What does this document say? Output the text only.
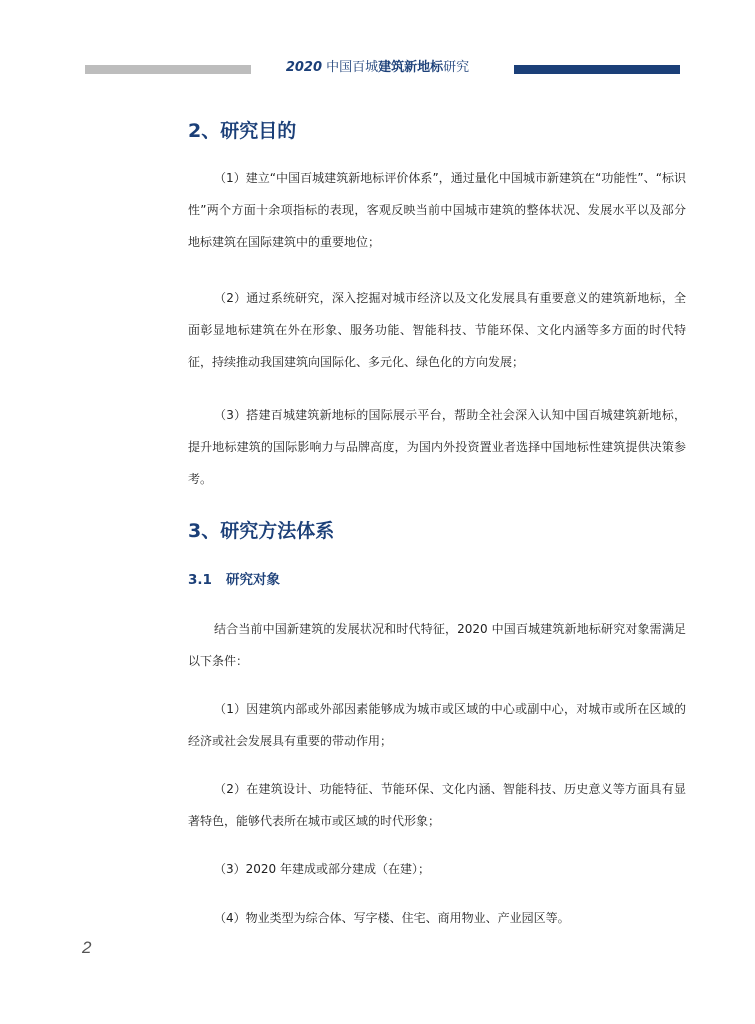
2020 中国百城建筑新地标研究
2、研究目的

（1）建立“中国百城建筑新地标评价体系”，通过量化中国城市新建筑在“功能性”、“标识性”两个方面十余项指标的表现，客观反映当前中国城市建筑的整体状况、发展水平以及部分地标建筑在国际建筑中的重要地位；

（2）通过系统研究，深入挖掘对城市经济以及文化发展具有重要意义的建筑新地标，全面彰显地标建筑在外在形象、服务功能、智能科技、节能环保、文化内涵等多方面的时代特征，持续推动我国建筑向国际化、多元化、绿色化的方向发展；

（3）搭建百城建筑新地标的国际展示平台，帮助全社会深入认知中国百城建筑新地标，提升地标建筑的国际影响力与品牌高度，为国内外投资置业者选择中国地标性建筑提供决策参考。

3、研究方法体系
3.1 研究对象

结合当前中国新建筑的发展状况和时代特征，2020 中国百城建筑新地标研究对象需满足以下条件：

（1）因建筑内部或外部因素能够成为城市或区域的中心或副中心，对城市或所在区域的经济或社会发展具有重要的带动作用；

（2）在建筑设计、功能特征、节能环保、文化内涵、智能科技、历史意义等方面具有显著特色，能够代表所在城市或区域的时代形象；

（3）2020 年建成或部分建成（在建）；

（4）物业类型为综合体、写字楼、住宅、商用物业、产业园区等。

2
